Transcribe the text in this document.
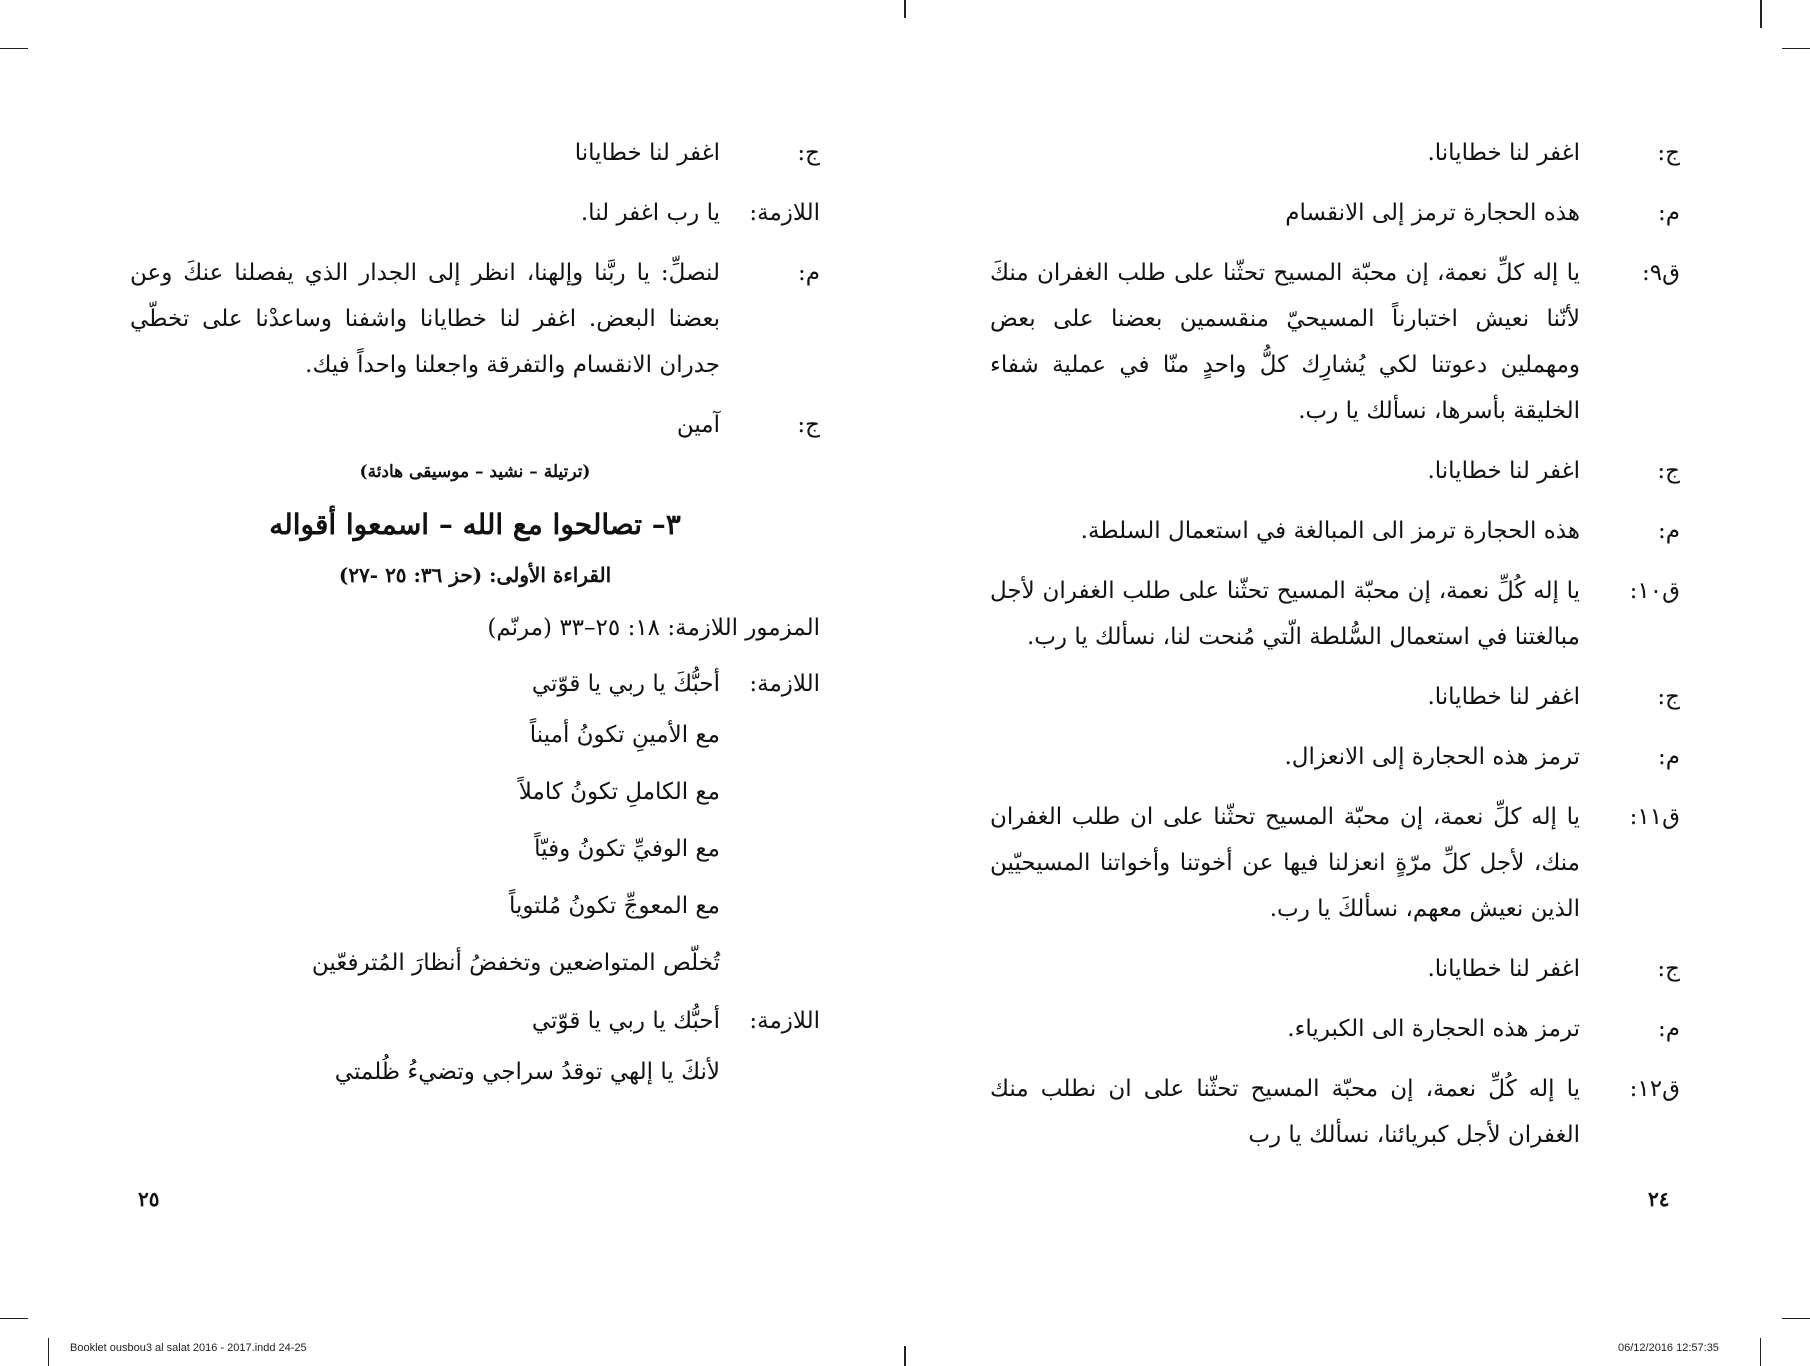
ج:
اغفر لنا خطايانا.
م:
هذه الحجارة ترمز إلى الانقسام
ق٩:
يا إله كلِّ نعمة، إن محبّة المسيح تحثّنا على طلب الغفران منكَ لأنّنا نعيش اختبارناً المسيحيّ منقسمين بعضنا على بعض ومهملين دعوتنا لكي يُشارِك كلُّ واحدٍ منّا في عملية شفاء الخليقة بأسرها، نسألك يا رب.
ج:
اغفر لنا خطايانا.
م:
هذه الحجارة ترمز الى المبالغة في استعمال السلطة.
ق١٠:
يا إله كُلِّ نعمة، إن محبّة المسيح تحثّنا على طلب الغفران لأجل مبالغتنا في استعمال السُّلطة الّتي مُنحت لنا، نسألك يا رب.
ج:
اغفر لنا خطايانا.
م:
ترمز هذه الحجارة إلى الانعزال.
ق١١:
يا إله كلِّ نعمة، إن محبّة المسيح تحثّنا على ان طلب الغفران منك، لأجل كلِّ مرّةٍ انعزلنا فيها عن أخوتنا وأخواتنا المسيحيّين الذين نعيش معهم، نسألكَ يا رب.
ج:
اغفر لنا خطايانا.
م:
ترمز هذه الحجارة الى الكبرياء.
ق١٢:
يا إله كُلِّ نعمة، إن محبّة المسيح تحثّنا على ان نطلب منك الغفران لأجل كبريائنا، نسألك يا رب
٢٤
ج:
اغفر لنا خطايانا
اللازمة:
يا رب اغفر لنا.
م:
لنصلِّ: يا ربَّنا وإلهنا، انظر إلى الجدار الذي يفصلنا عنكَ وعن بعضنا البعض. اغفر لنا خطايانا واشفنا وساعدْنا على تخطّي جدران الانقسام والتفرقة واجعلنا واحداً فيك.
ج:
آمين
(ترتيلة – نشيد – موسيقى هادئة)
٣– تصالحوا مع الله – اسمعوا أقواله
القراءة الأولى: (حز ٣٦: ٢٥ -٢٧)
المزمور اللازمة: ١٨: ٢٥–٣٣ (مرنّم)
اللازمة:
أحبُّكَ يا ربي يا قوّتي
مع الأمينِ تكونُ أميناً
مع الكاملِ تكونُ كاملاً
مع الوفيِّ تكونُ وفيّاً
مع المعوجِّ تكونُ مُلتوياً
تُخلّص المتواضعين وتخفضُ أنظارَ المُترفعّين
اللازمة:
أحبُّك يا ربي يا قوّتي
لأنكَ يا إلهي توقدُ سراجي وتضيءُ ظُلمتي
٢٥
Booklet ousbou3 al salat 2016 - 2017.indd 24-25	06/12/2016 12:57:35
